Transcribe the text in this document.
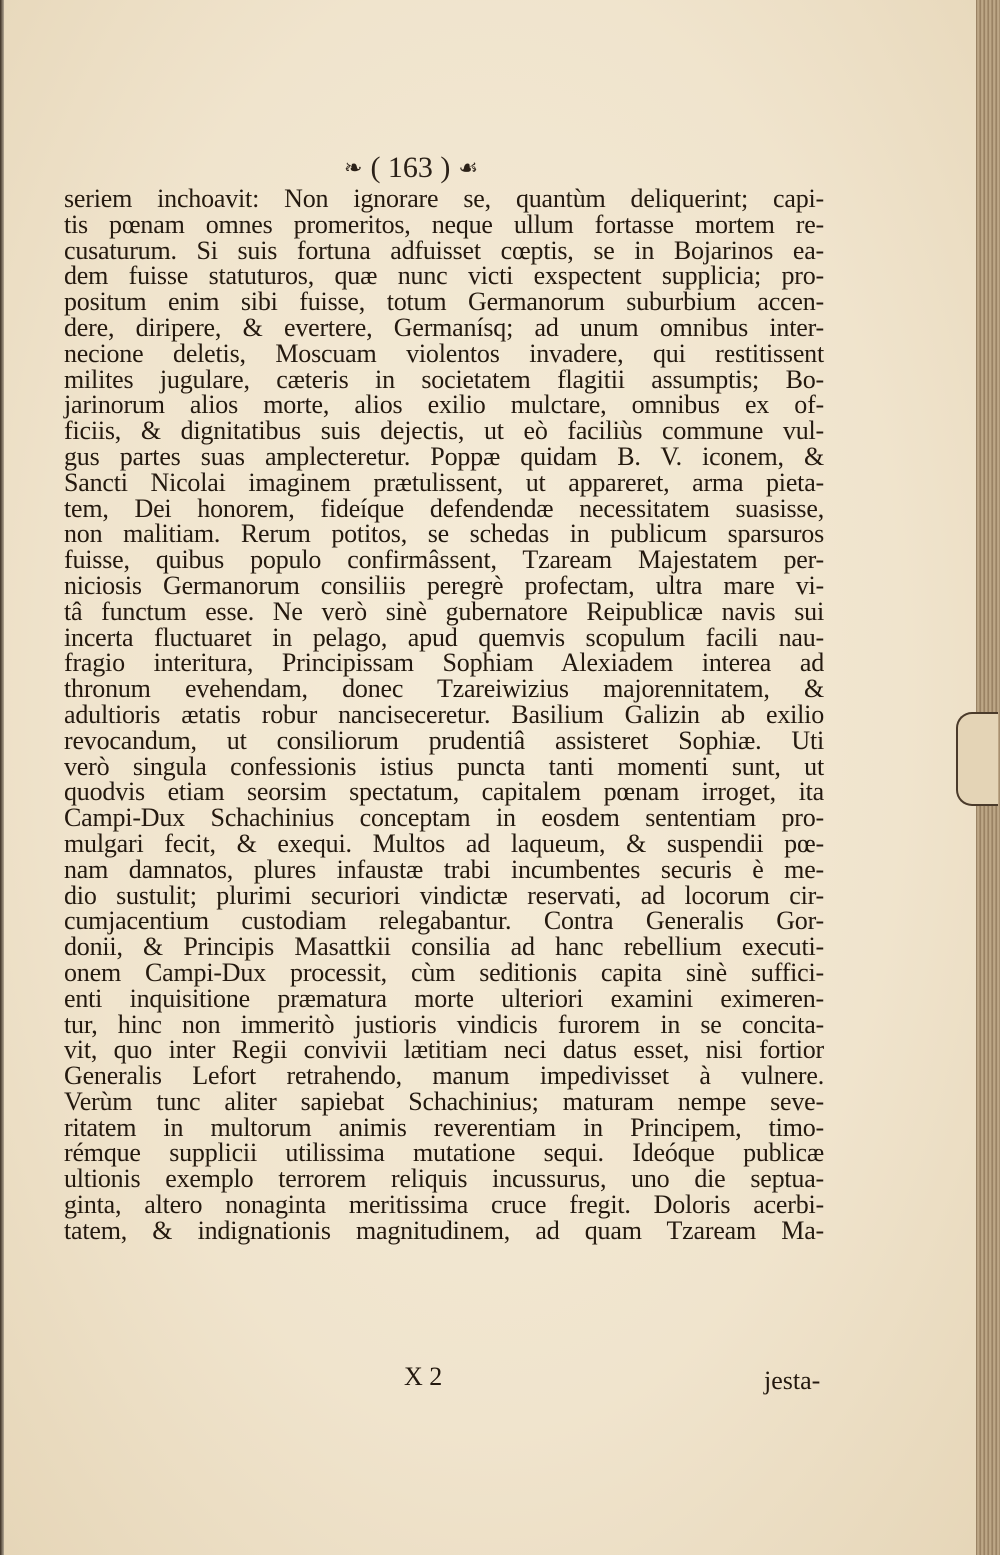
❧ ( 163 ) ☙
seriem inchoavit: Non ignorare se, quantùm deliquerint; capi-
tis pœnam omnes promeritos, neque ullum fortasse mortem re-
cusaturum. Si suis fortuna adfuisset cœptis, se in Bojarinos ea-
dem fuisse statuturos, quæ nunc victi exspectent supplicia; pro-
positum enim sibi fuisse, totum Germanorum suburbium accen-
dere, diripere, & evertere, Germanísq; ad unum omnibus inter-
necione deletis, Moscuam violentos invadere, qui restitissent
milites jugulare, cæteris in societatem flagitii assumptis; Bo-
jarinorum alios morte, alios exilio mulctare, omnibus ex of-
ficiis, & dignitatibus suis dejectis, ut eò faciliùs commune vul-
gus partes suas amplecteretur. Poppæ quidam B. V. iconem, &
Sancti Nicolai imaginem prætulissent, ut appareret, arma pieta-
tem, Dei honorem, fideíque defendendæ necessitatem suasisse,
non malitiam. Rerum potitos, se schedas in publicum sparsuros
fuisse, quibus populo confirmâssent, Tzaream Majestatem per-
niciosis Germanorum consiliis peregrè profectam, ultra mare vi-
tâ functum esse. Ne verò sinè gubernatore Reipublicæ navis sui
incerta fluctuaret in pelago, apud quemvis scopulum facili nau-
fragio interitura, Principissam Sophiam Alexiadem interea ad
thronum evehendam, donec Tzareiwizius majorennitatem, &
adultioris ætatis robur nanciseceretur. Basilium Galizin ab exilio
revocandum, ut consiliorum prudentiâ assisteret Sophiæ. Uti
verò singula confessionis istius puncta tanti momenti sunt, ut
quodvis etiam seorsim spectatum, capitalem pœnam irroget, ita
Campi-Dux Schachinius conceptam in eosdem sententiam pro-
mulgari fecit, & exequi. Multos ad laqueum, & suspendii pœ-
nam damnatos, plures infaustæ trabi incumbentes securis è me-
dio sustulit; plurimi securiori vindictæ reservati, ad locorum cir-
cumjacentium custodiam relegabantur. Contra Generalis Gor-
donii, & Principis Masattkii consilia ad hanc rebellium executi-
onem Campi-Dux processit, cùm seditionis capita sinè suffici-
enti inquisitione præmatura morte ulteriori examini eximeren-
tur, hinc non immeritò justioris vindicis furorem in se concita-
vit, quo inter Regii convivii lætitiam neci datus esset, nisi fortior
Generalis Lefort retrahendo, manum impedivisset à vulnere.
Verùm tunc aliter sapiebat Schachinius; maturam nempe seve-
ritatem in multorum animis reverentiam in Principem, timo-
rémque supplicii utilissima mutatione sequi. Ideóque publicæ
ultionis exemplo terrorem reliquis incussurus, uno die septua-
ginta, altero nonaginta meritissima cruce fregit. Doloris acerbi-
tatem, & indignationis magnitudinem, ad quam Tzaream Ma-
X 2	jesta-
